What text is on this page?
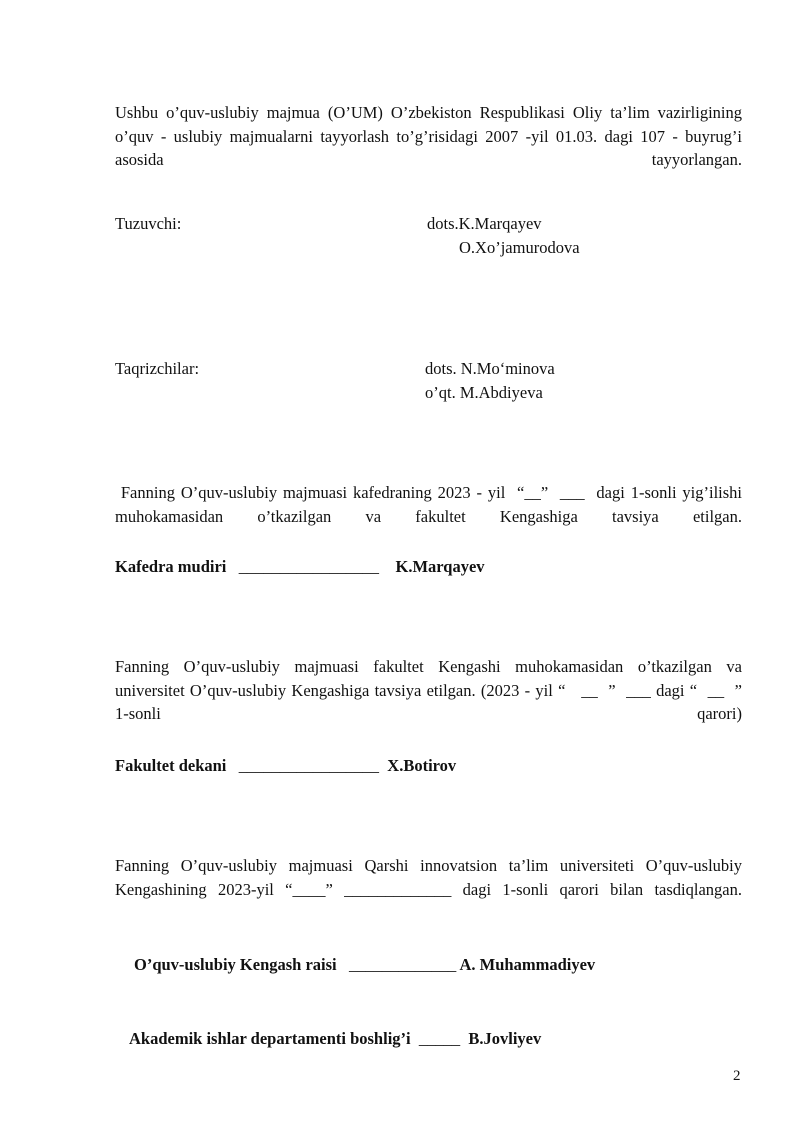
Ushbu o’quv-uslubiy majmua (O’UM) O’zbekiston Respublikasi Oliy ta’lim vazirligining o’quv - uslubiy majmualarni tayyorlash to’g’risidagi 2007 -yil 01.03. dagi 107 - buyrug’i asosida tayyorlangan.

Tuzuvchi:	dots.K.Marqayev
O.Xo’jamurodova
Taqrizchilar:	dots. N.Mo‘minova
o’qt. M.Abdiyeva

Fanning O’quv-uslubiy majmuasi kafedraning 2023 - yil  “__”  ___  dagi 1-sonli yig’ilishi muhokamasidan o’tkazilgan va fakultet Kengashiga tavsiya etilgan.

Kafedra mudiri _________________ K.Marqayev

Fanning O’quv-uslubiy majmuasi fakultet Kengashi muhokamasidan o’tkazilgan va universitet O’quv-uslubiy Kengashiga tavsiya etilgan. (2023 - yil “   __  ”  ___ dagi “  __  ”   1-sonli qarori)

Fakultet dekani _________________ X.Botirov

Fanning O’quv-uslubiy majmuasi Qarshi innovatsion ta’lim universiteti O’quv-uslubiy Kengashining 2023-yil “____” _____________ dagi 1-sonli qarori bilan tasdiqlangan.

O’quv-uslubiy Kengash raisi _____________ A. Muhammadiyev
Akademik ishlar departamenti boshlig’i _____ B.Jovliyev
2
